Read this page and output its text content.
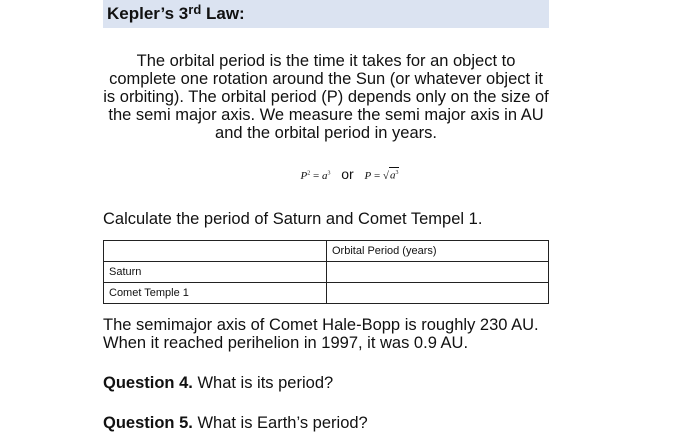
Kepler’s 3rd Law:
The orbital period is the time it takes for an object to complete one rotation around the Sun (or whatever object it is orbiting). The orbital period (P) depends only on the size of the semi major axis. We measure the semi major axis in AU and the orbital period in years.
$P^2 = a^3$ or $P = √a^3$
Calculate the period of Saturn and Comet Tempel 1.
	Orbital Period (years)
Saturn	
Comet Temple 1	
The semimajor axis of Comet Hale-Bopp is roughly 230 AU. When it reached perihelion in 1997, it was 0.9 AU.
Question 4. What is its period?
Question 5. What is Earth’s period?
